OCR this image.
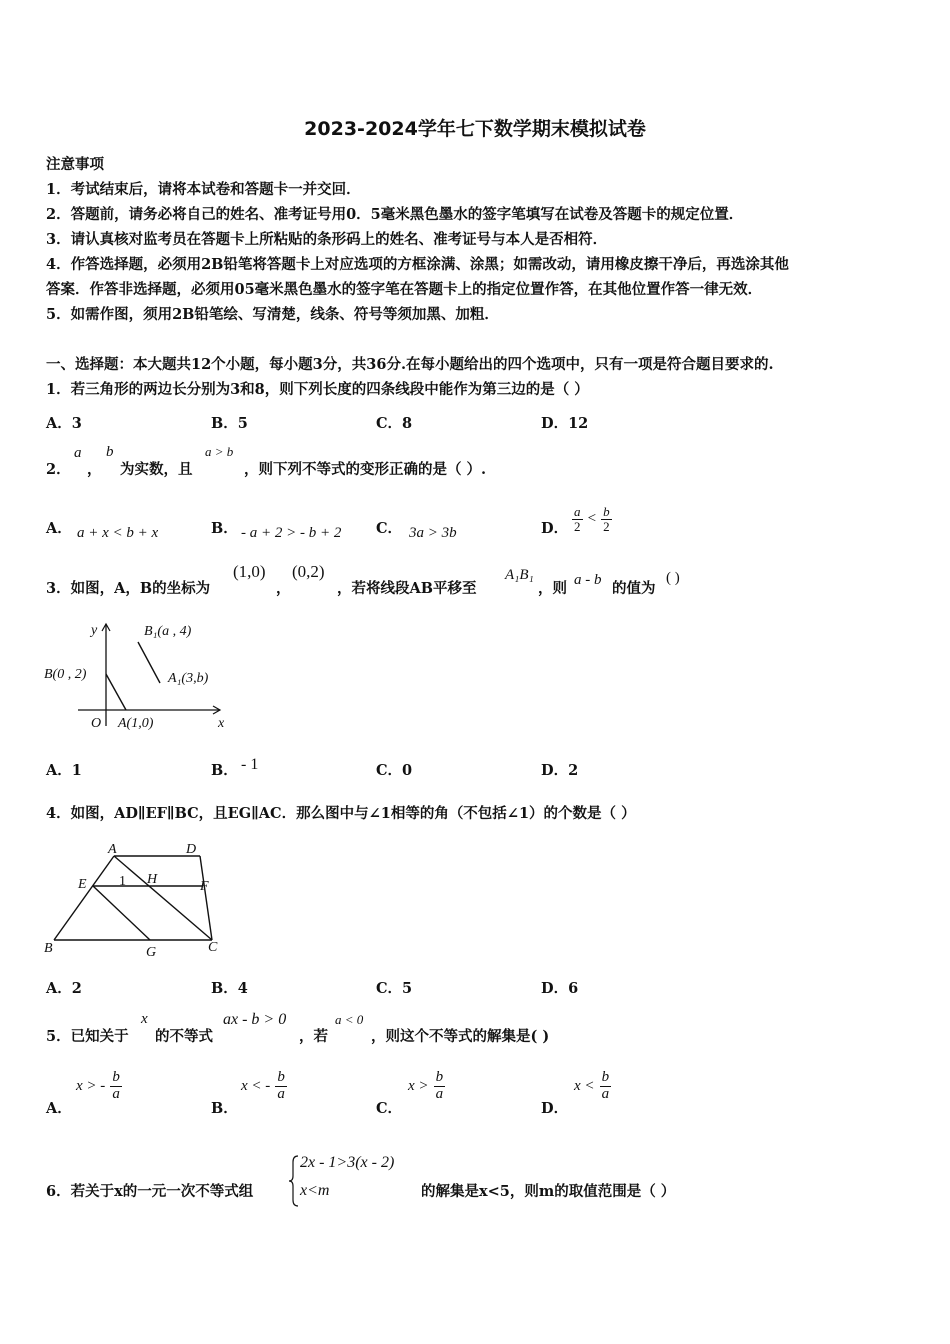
2023-2024学年七下数学期末模拟试卷
注意事项
1．考试结束后，请将本试卷和答题卡一并交回．
2．答题前，请务必将自己的姓名、准考证号用0．5毫米黑色墨水的签字笔填写在试卷及答题卡的规定位置．
3．请认真核对监考员在答题卡上所粘贴的条形码上的姓名、准考证号与本人是否相符．
4．作答选择题，必须用2B铅笔将答题卡上对应选项的方框涂满、涂黑；如需改动，请用橡皮擦干净后，再选涂其他
答案．作答非选择题，必须用05毫米黑色墨水的签字笔在答题卡上的指定位置作答，在其他位置作答一律无效．
5．如需作图，须用2B铅笔绘、写清楚，线条、符号等须加黑、加粗．
一、选择题：本大题共12个小题，每小题3分，共36分.在每小题给出的四个选项中，只有一项是符合题目要求的.
1．若三角形的两边长分别为3和8，则下列长度的四条线段中能作为第三边的是（ ）
A．3	B．5	C．8	D．12
2．
a
，
b
为实数，且
a > b
，则下列不等式的变形正确的是（ ）.
A． a + x < b + x	B． - a + 2 > - b + 2 C． 3a > 3b	D． $\frac{a}{2} < \frac{b}{2}$
3．如图，A，B的坐标为
(1,0)
，
(0,2)
，若将线段AB平移至
A₁B₁
，则 a - b 的值为
( )
y
x
O
B(0 , 2)
A(1,0)
B₁(a , 4)
A₁(3,b)
A．1	B． - 1	C．0	D．2
4．如图，AD∥EF∥BC，且EG∥AC．那么图中与∠1相等的角（不包括∠1）的个数是（ ）
A	D
E 1 H	F
B	G	C
A．2	B．4	C．5	D．6
5．已知关于
x
的不等式
ax - b > 0
，若
a < 0
，则这个不等式的解集是( )
A．
x > - $\frac{b}{a}$
B．
x < - $\frac{b}{a}$
C．
$x > \frac{b}{a}$
D．
$x < \frac{b}{a}$
6．若关于x的一元一次不等式组
2x - 1>3(x - 2)
x<m	的解集是x<5，则m的取值范围是（ ）
